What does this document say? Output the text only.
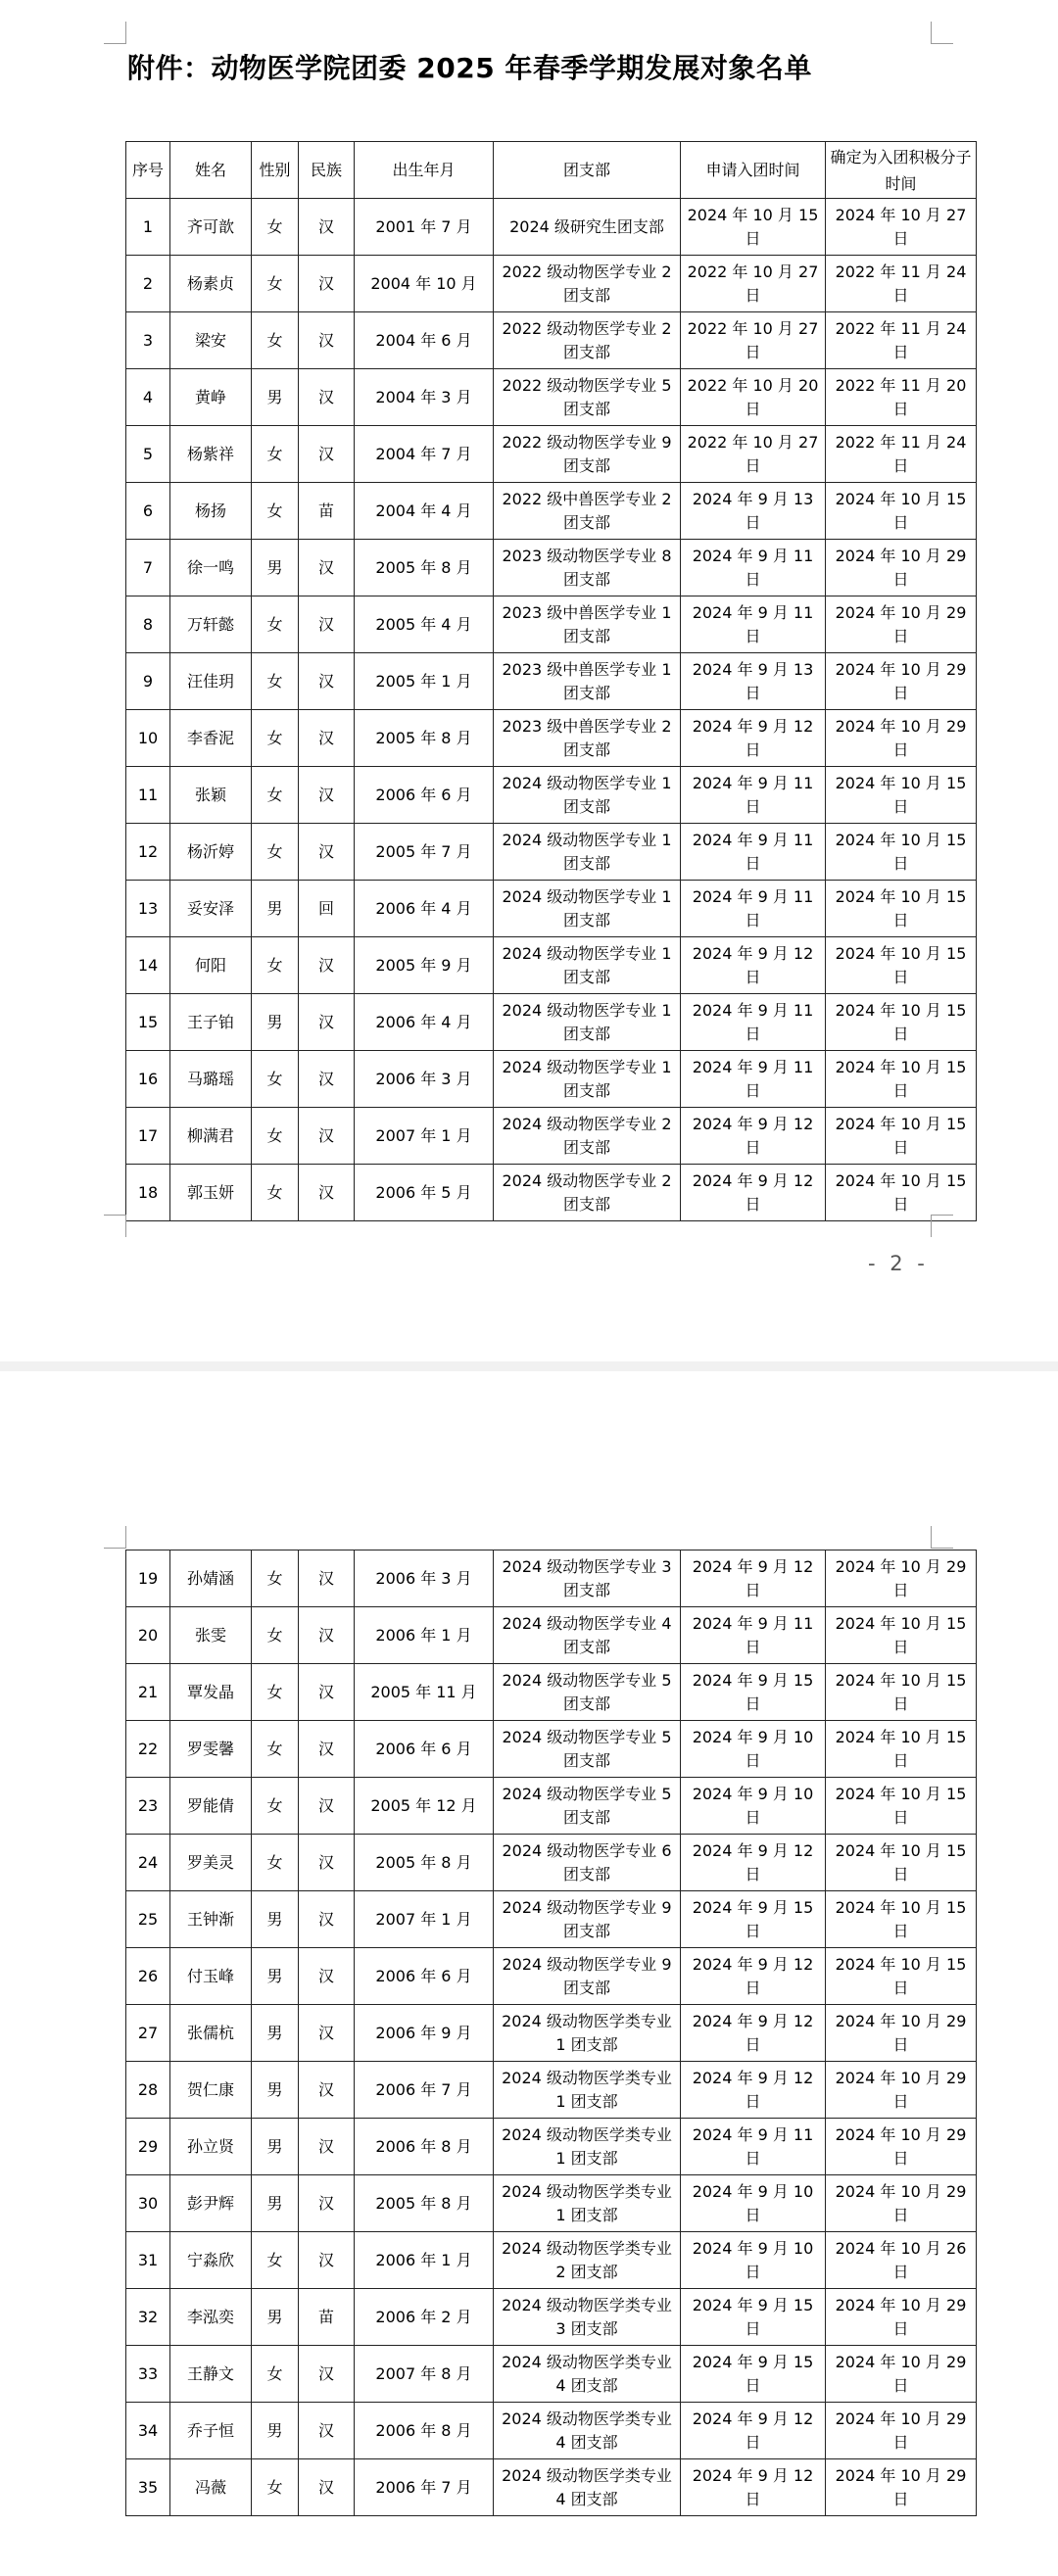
附件：动物医学院团委 2025 年春季学期发展对象名单
序号	姓名	性别	民族	出生年月	团支部	申请入团时间	确定为入团积极分子时间
1	齐可歆	女	汉	2001 年 7 月	2024 级研究生团支部	2024 年 10 月 15 日	2024 年 10 月 27 日
2	杨素贞	女	汉	2004 年 10 月	2022 级动物医学专业 2 团支部	2022 年 10 月 27 日	2022 年 11 月 24 日
3	梁安	女	汉	2004 年 6 月	2022 级动物医学专业 2 团支部	2022 年 10 月 27 日	2022 年 11 月 24 日
4	黄峥	男	汉	2004 年 3 月	2022 级动物医学专业 5 团支部	2022 年 10 月 20 日	2022 年 11 月 20 日
5	杨紫祥	女	汉	2004 年 7 月	2022 级动物医学专业 9 团支部	2022 年 10 月 27 日	2022 年 11 月 24 日
6	杨扬	女	苗	2004 年 4 月	2022 级中兽医学专业 2 团支部	2024 年 9 月 13 日	2024 年 10 月 15 日
7	徐一鸣	男	汉	2005 年 8 月	2023 级动物医学专业 8 团支部	2024 年 9 月 11 日	2024 年 10 月 29 日
8	万轩懿	女	汉	2005 年 4 月	2023 级中兽医学专业 1 团支部	2024 年 9 月 11 日	2024 年 10 月 29 日
9	汪佳玥	女	汉	2005 年 1 月	2023 级中兽医学专业 1 团支部	2024 年 9 月 13 日	2024 年 10 月 29 日
10	李香泥	女	汉	2005 年 8 月	2023 级中兽医学专业 2 团支部	2024 年 9 月 12 日	2024 年 10 月 29 日
11	张颖	女	汉	2006 年 6 月	2024 级动物医学专业 1 团支部	2024 年 9 月 11 日	2024 年 10 月 15 日
12	杨沂婷	女	汉	2005 年 7 月	2024 级动物医学专业 1 团支部	2024 年 9 月 11 日	2024 年 10 月 15 日
13	妥安泽	男	回	2006 年 4 月	2024 级动物医学专业 1 团支部	2024 年 9 月 11 日	2024 年 10 月 15 日
14	何阳	女	汉	2005 年 9 月	2024 级动物医学专业 1 团支部	2024 年 9 月 12 日	2024 年 10 月 15 日
15	王子铂	男	汉	2006 年 4 月	2024 级动物医学专业 1 团支部	2024 年 9 月 11 日	2024 年 10 月 15 日
16	马璐瑶	女	汉	2006 年 3 月	2024 级动物医学专业 1 团支部	2024 年 9 月 11 日	2024 年 10 月 15 日
17	柳满君	女	汉	2007 年 1 月	2024 级动物医学专业 2 团支部	2024 年 9 月 12 日	2024 年 10 月 15 日
18	郭玉妍	女	汉	2006 年 5 月	2024 级动物医学专业 2 团支部	2024 年 9 月 12 日	2024 年 10 月 15 日
- 2 -
19	孙婧涵	女	汉	2006 年 3 月	2024 级动物医学专业 3 团支部	2024 年 9 月 12 日	2024 年 10 月 29 日
20	张雯	女	汉	2006 年 1 月	2024 级动物医学专业 4 团支部	2024 年 9 月 11 日	2024 年 10 月 15 日
21	覃发晶	女	汉	2005 年 11 月	2024 级动物医学专业 5 团支部	2024 年 9 月 15 日	2024 年 10 月 15 日
22	罗雯馨	女	汉	2006 年 6 月	2024 级动物医学专业 5 团支部	2024 年 9 月 10 日	2024 年 10 月 15 日
23	罗能倩	女	汉	2005 年 12 月	2024 级动物医学专业 5 团支部	2024 年 9 月 10 日	2024 年 10 月 15 日
24	罗美灵	女	汉	2005 年 8 月	2024 级动物医学专业 6 团支部	2024 年 9 月 12 日	2024 年 10 月 15 日
25	王钟渐	男	汉	2007 年 1 月	2024 级动物医学专业 9 团支部	2024 年 9 月 15 日	2024 年 10 月 15 日
26	付玉峰	男	汉	2006 年 6 月	2024 级动物医学专业 9 团支部	2024 年 9 月 12 日	2024 年 10 月 15 日
27	张儒杭	男	汉	2006 年 9 月	2024 级动物医学类专业 1 团支部	2024 年 9 月 12 日	2024 年 10 月 29 日
28	贺仁康	男	汉	2006 年 7 月	2024 级动物医学类专业 1 团支部	2024 年 9 月 12 日	2024 年 10 月 29 日
29	孙立贤	男	汉	2006 年 8 月	2024 级动物医学类专业 1 团支部	2024 年 9 月 11 日	2024 年 10 月 29 日
30	彭尹辉	男	汉	2005 年 8 月	2024 级动物医学类专业 1 团支部	2024 年 9 月 10 日	2024 年 10 月 29 日
31	宁淼欣	女	汉	2006 年 1 月	2024 级动物医学类专业 2 团支部	2024 年 9 月 10 日	2024 年 10 月 26 日
32	李泓奕	男	苗	2006 年 2 月	2024 级动物医学类专业 3 团支部	2024 年 9 月 15 日	2024 年 10 月 29 日
33	王静文	女	汉	2007 年 8 月	2024 级动物医学类专业 4 团支部	2024 年 9 月 15 日	2024 年 10 月 29 日
34	乔子恒	男	汉	2006 年 8 月	2024 级动物医学类专业 4 团支部	2024 年 9 月 12 日	2024 年 10 月 29 日
35	冯薇	女	汉	2006 年 7 月	2024 级动物医学类专业 4 团支部	2024 年 9 月 12 日	2024 年 10 月 29 日
